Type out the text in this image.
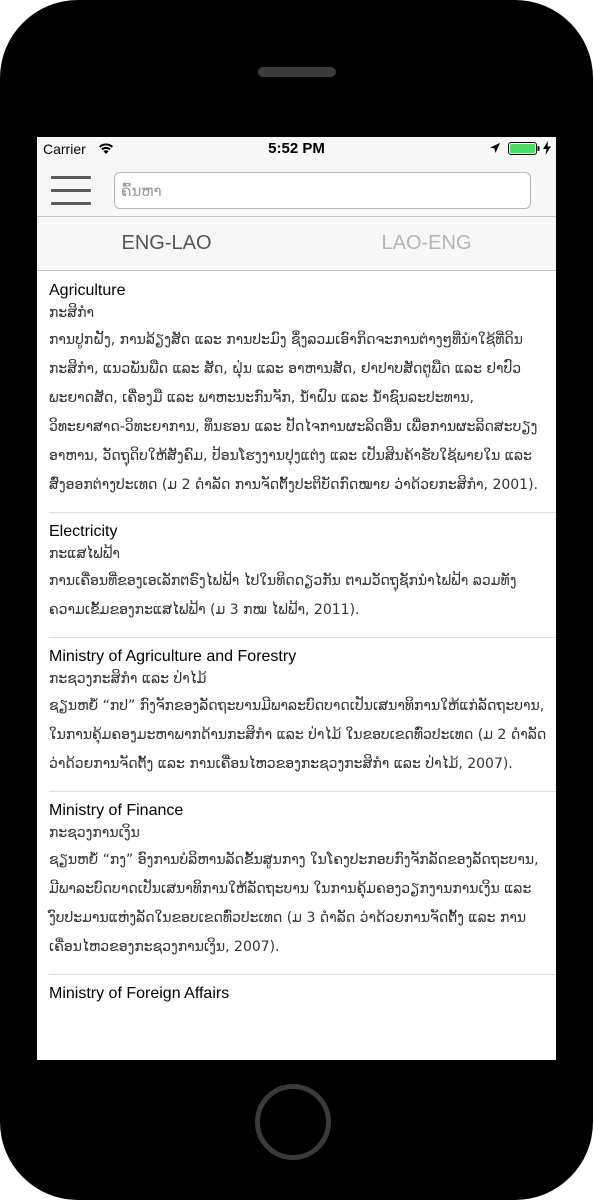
Carrier	5:52 PM
ຄົ້ນຫາ
ENG-LAO	LAO-ENG
Agriculture
ກະສິກຳ
ການປູກຝັງ, ການລ້ຽງສັດ ແລະ ການປະມົງ ຊຶ່ງລວມເອົາກິດຈະການຕ່າງໆທີ່ນຳໃຊ້ທີ່ດິນກະສິກຳ, ແນວພັນພືດ ແລະ ສັດ, ຝຸ່ນ ແລະ ອາຫານສັດ, ຢາປາບສັດຕູພືດ ແລະ ຢາປົວພະຍາດສັດ, ເຄື່ອງມື ແລະ ພາຫະນະກົນຈັກ, ນ້ຳຝົນ ແລະ ນ້ຳຊົນລະປະທານ, ວິທະຍາສາດ-ວິທະຍາການ, ທຶນຮອນ ແລະ ປັດໄຈການຜະລິດອື່ນ ເພື່ອການຜະລິດສະບຽງອາຫານ, ວັດຖຸດິບໃຫ້ສັງຄົມ, ປ້ອນໂຮງງານປຸງແຕ່ງ ແລະ ເປັນສິນຄ້າຮັບໃຊ້ພາຍໃນ ແລະ ສົ່ງອອກຕ່າງປະເທດ (ມ 2 ດຳລັດ ການຈັດຕັ້ງປະຕິບັດກົດໝາຍ ວ່າດ້ວຍກະສິກຳ, 2001).
Electricity
ກະແສໄຟຟ້າ
ການເຄື່ອນທີ່ຂອງເອເລັກຕຣົງໄຟຟ້າ ໄປໃນທິດດຽວກັນ ຕາມວັດຖຸຊັກນຳໄຟຟ້າ ລວມທັງຄວາມເຂັ້ມຂອງກະແສໄຟຟ້າ (ມ 3 ກໝ ໄຟຟ້າ, 2011).
Ministry of Agriculture and Forestry
ກະຊວງກະສິກຳ ແລະ ປ່າໄມ້
ຊຽນຫຍໍ້ “ກປ” ກົງຈັກຂອງລັດຖະບານມີພາລະບົດບາດເປັນເສນາທິການໃຫ້ແກ່ລັດຖະບານ, ໃນການຄຸ້ມຄອງມະຫາພາກດ້ານກະສິກຳ ແລະ ປ່າໄມ້ ໃນຂອບເຂດທົ່ວປະເທດ (ມ 2 ດຳລັດ ວ່າດ້ວຍການຈັດຕັ້ງ ແລະ ການເຄື່ອນໄຫວຂອງກະຊວງກະສິກຳ ແລະ ປ່າໄມ້, 2007).
Ministry of Finance
ກະຊວງການເງິນ
ຊຽນຫຍໍ້ “ກງ” ອົງການບໍລິຫານລັດຂັ້ນສູນກາງ ໃນໂຄງປະກອບກົງຈັກລັດຂອງລັດຖະບານ, ມີພາລະບົດບາດເປັນເສນາທິການໃຫ້ລັດຖະບານ ໃນການຄຸ້ມຄອງວຽກງານການເງິນ ແລະ ງົບປະມານແຫ່ງລັດໃນຂອບເຂດທົ່ວປະເທດ (ມ 3 ດຳລັດ ວ່າດ້ວຍການຈັດຕັ້ງ ແລະ ການເຄື່ອນໄຫວຂອງກະຊວງການເງິນ, 2007).
Ministry of Foreign Affairs
